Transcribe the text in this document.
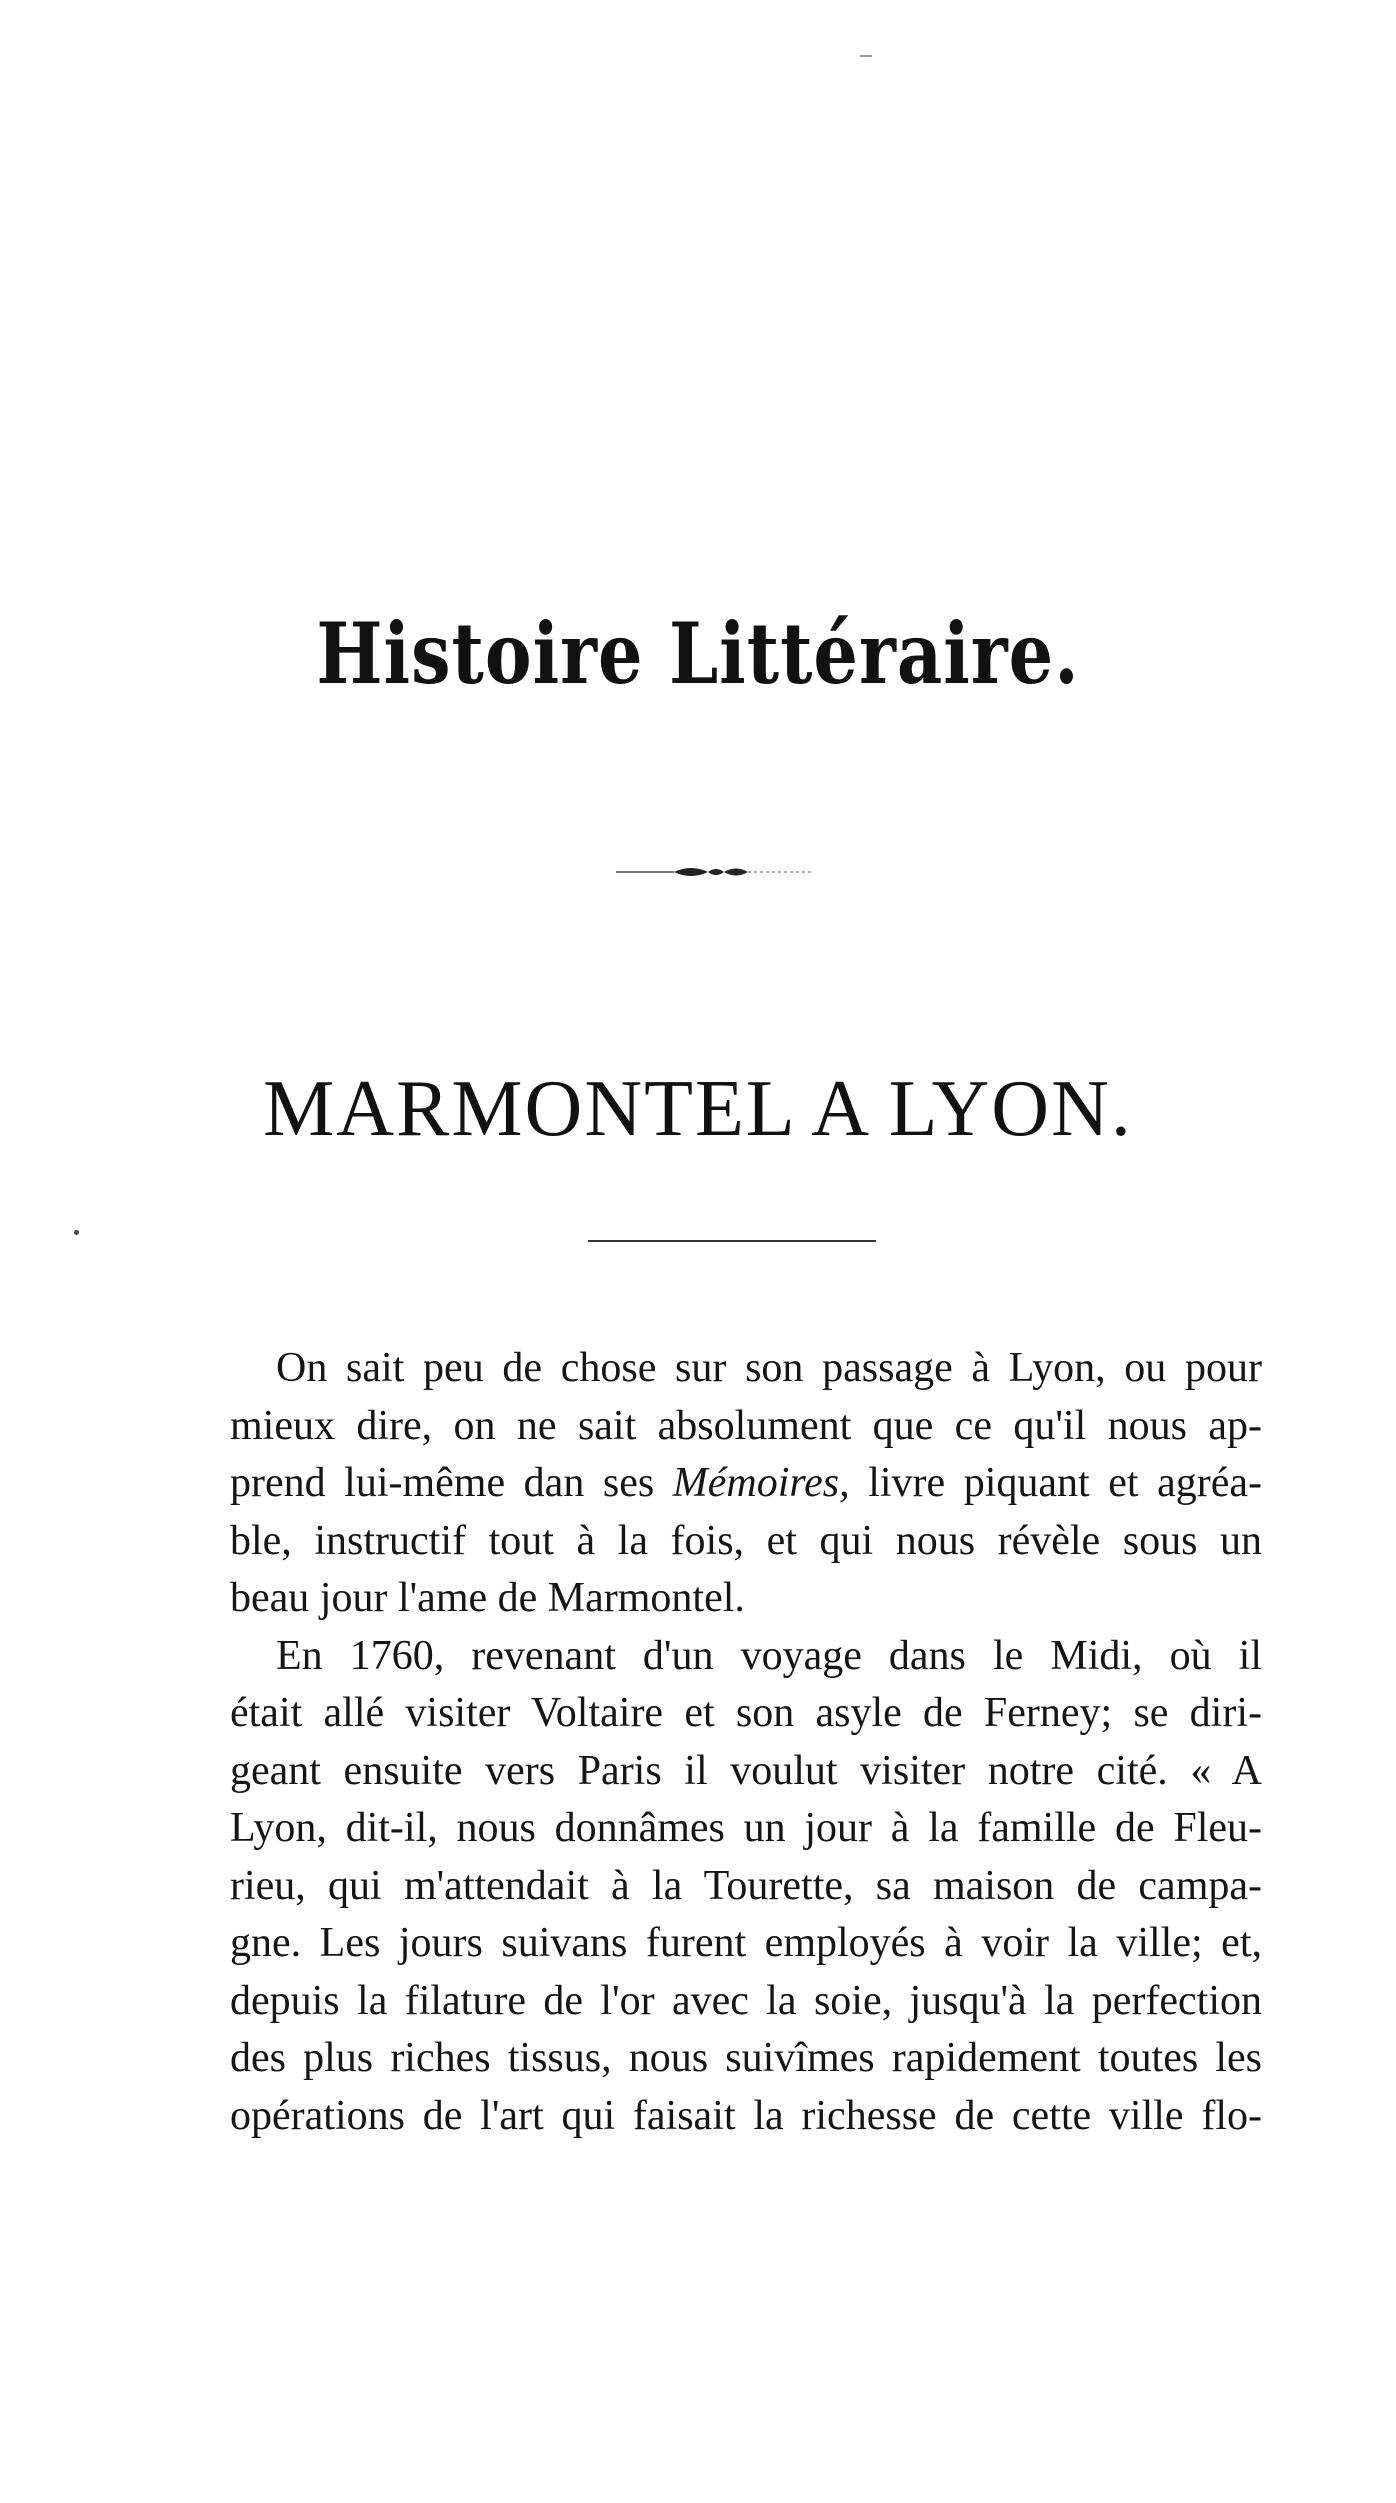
Histoire Littéraire.
MARMONTEL A LYON.

On sait peu de chose sur son passage à Lyon, ou pour
mieux dire, on ne sait absolument que ce qu'il nous ap-
prend lui-même dan ses Mémoires, livre piquant et agréa-
ble, instructif tout à la fois, et qui nous révèle sous un
beau jour l'ame de Marmontel.

En 1760, revenant d'un voyage dans le Midi, où il
était allé visiter Voltaire et son asyle de Ferney; se diri-
geant ensuite vers Paris il voulut visiter notre cité. « A
Lyon, dit-il, nous donnâmes un jour à la famille de Fleu-
rieu, qui m'attendait à la Tourette, sa maison de campa-
gne. Les jours suivans furent employés à voir la ville; et,
depuis la filature de l'or avec la soie, jusqu'à la perfection
des plus riches tissus, nous suivîmes rapidement toutes les
opérations de l'art qui faisait la richesse de cette ville flo-
